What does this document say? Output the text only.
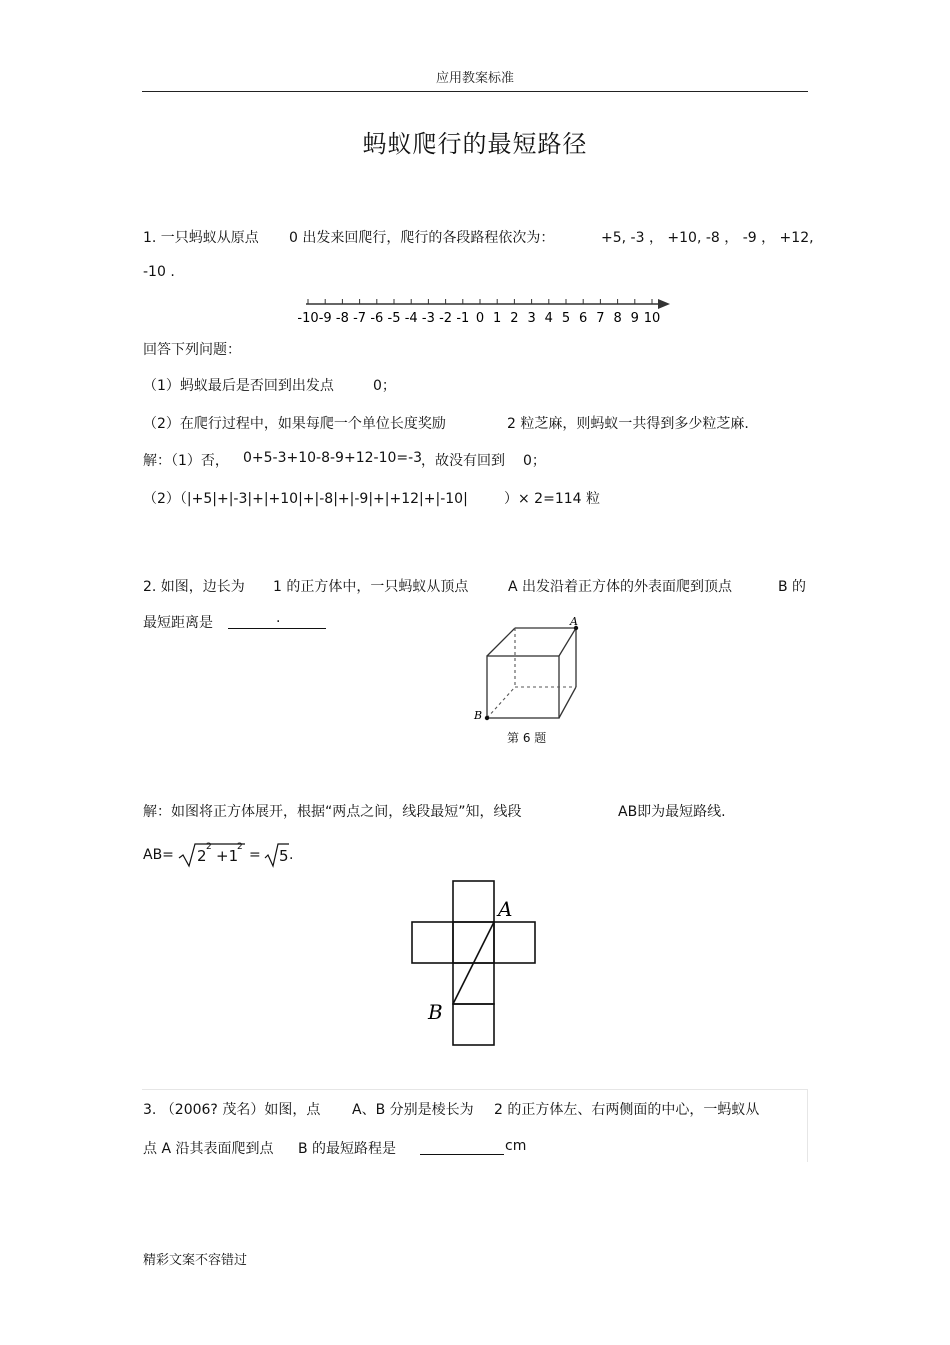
应用教案标准
蚂蚁爬行的最短路径
1. 一只蚂蚁从原点 0 出发来回爬行，爬行的各段路程依次为：	+5, -3 ， +10, -8 ， -9 ， +12,
-10 .
-10 -9 -8 -7 -6 -5 -4 -3 -2 -1 0 1 2 3 4 5 6 7 8 9 10
回答下列问题：
（1）蚂蚁最后是否回到出发点	0；
（2）在爬行过程中，如果每爬一个单位长度奖励	2 粒芝麻，则蚂蚁一共得到多少粒芝麻.
解：（1）否， 0+5-3+10-8-9+12-10=-3
，故没有回到 0；
（2）（|+5|+|-3|+|+10|+|-8|+|-9|+|+12|+|-10|	）× 2=114 粒
2. 如图，边长为 1 的正方体中，一只蚂蚁从顶点	A 出发沿着正方体的外表面爬到顶点	B 的
最短距离是	.
	A
B
第 6 题
解：如图将正方体展开，根据“两点之间，线段最短”知，线段	AB即为最短路线.
AB= 2 2 +1
2 = 5 .
A
B
3. （2006? 茂名）如图，点 A、B 分别是棱长为 2 的正方体左、右两侧面的中心，一蚂蚁从
点 A 沿其表面爬到点 B 的最短路程是
	cm
精彩文案不容错过
